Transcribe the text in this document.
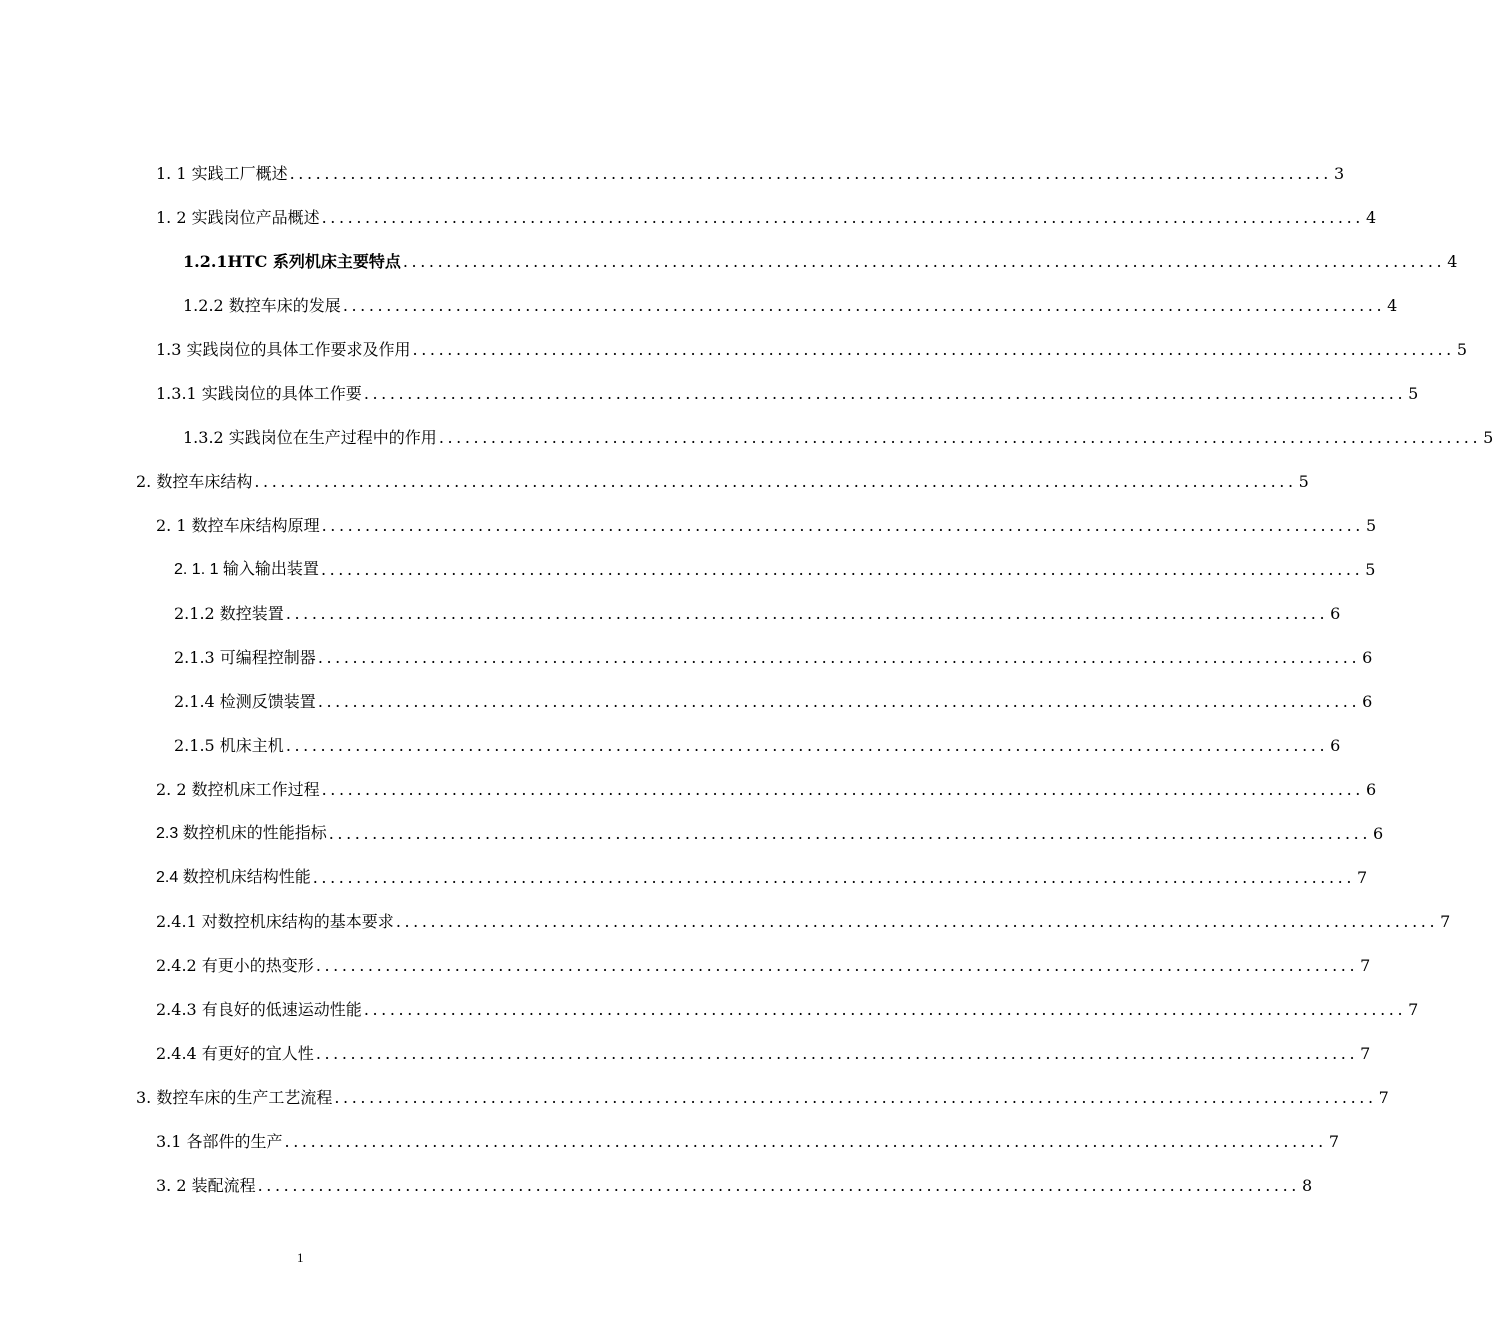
1. 1 实践工厂概述 ........................................................................................................................ 3
1. 2 实践岗位产品概述 ........................................................................................................................ 4
1.2.1HTC 系列机床主要特点 ........................................................................................................................ 4
1.2.2 数控车床的发展 ........................................................................................................................ 4
1.3 实践岗位的具体工作要求及作用 ........................................................................................................................ 5
1.3.1 实践岗位的具体工作要 ........................................................................................................................ 5
1.3.2 实践岗位在生产过程中的作用 ........................................................................................................................ 5
2. 数控车床结构 ........................................................................................................................ 5
2. 1 数控车床结构原理 ........................................................................................................................ 5
2. 1. 1 输入输出装置 ........................................................................................................................ 5
2.1.2 数控装置 ........................................................................................................................ 6
2.1.3 可编程控制器 ........................................................................................................................ 6
2.1.4 检测反馈装置 ........................................................................................................................ 6
2.1.5 机床主机 ........................................................................................................................ 6
2. 2 数控机床工作过程 ........................................................................................................................ 6
2.3 数控机床的性能指标 ........................................................................................................................ 6
2.4 数控机床结构性能 ........................................................................................................................ 7
2.4.1 对数控机床结构的基本要求 ........................................................................................................................ 7
2.4.2 有更小的热变形 ........................................................................................................................ 7
2.4.3 有良好的低速运动性能 ........................................................................................................................ 7
2.4.4 有更好的宜人性 ........................................................................................................................ 7
3. 数控车床的生产工艺流程 ........................................................................................................................ 7
3.1 各部件的生产 ........................................................................................................................ 7
3. 2 装配流程 ........................................................................................................................ 8
1
